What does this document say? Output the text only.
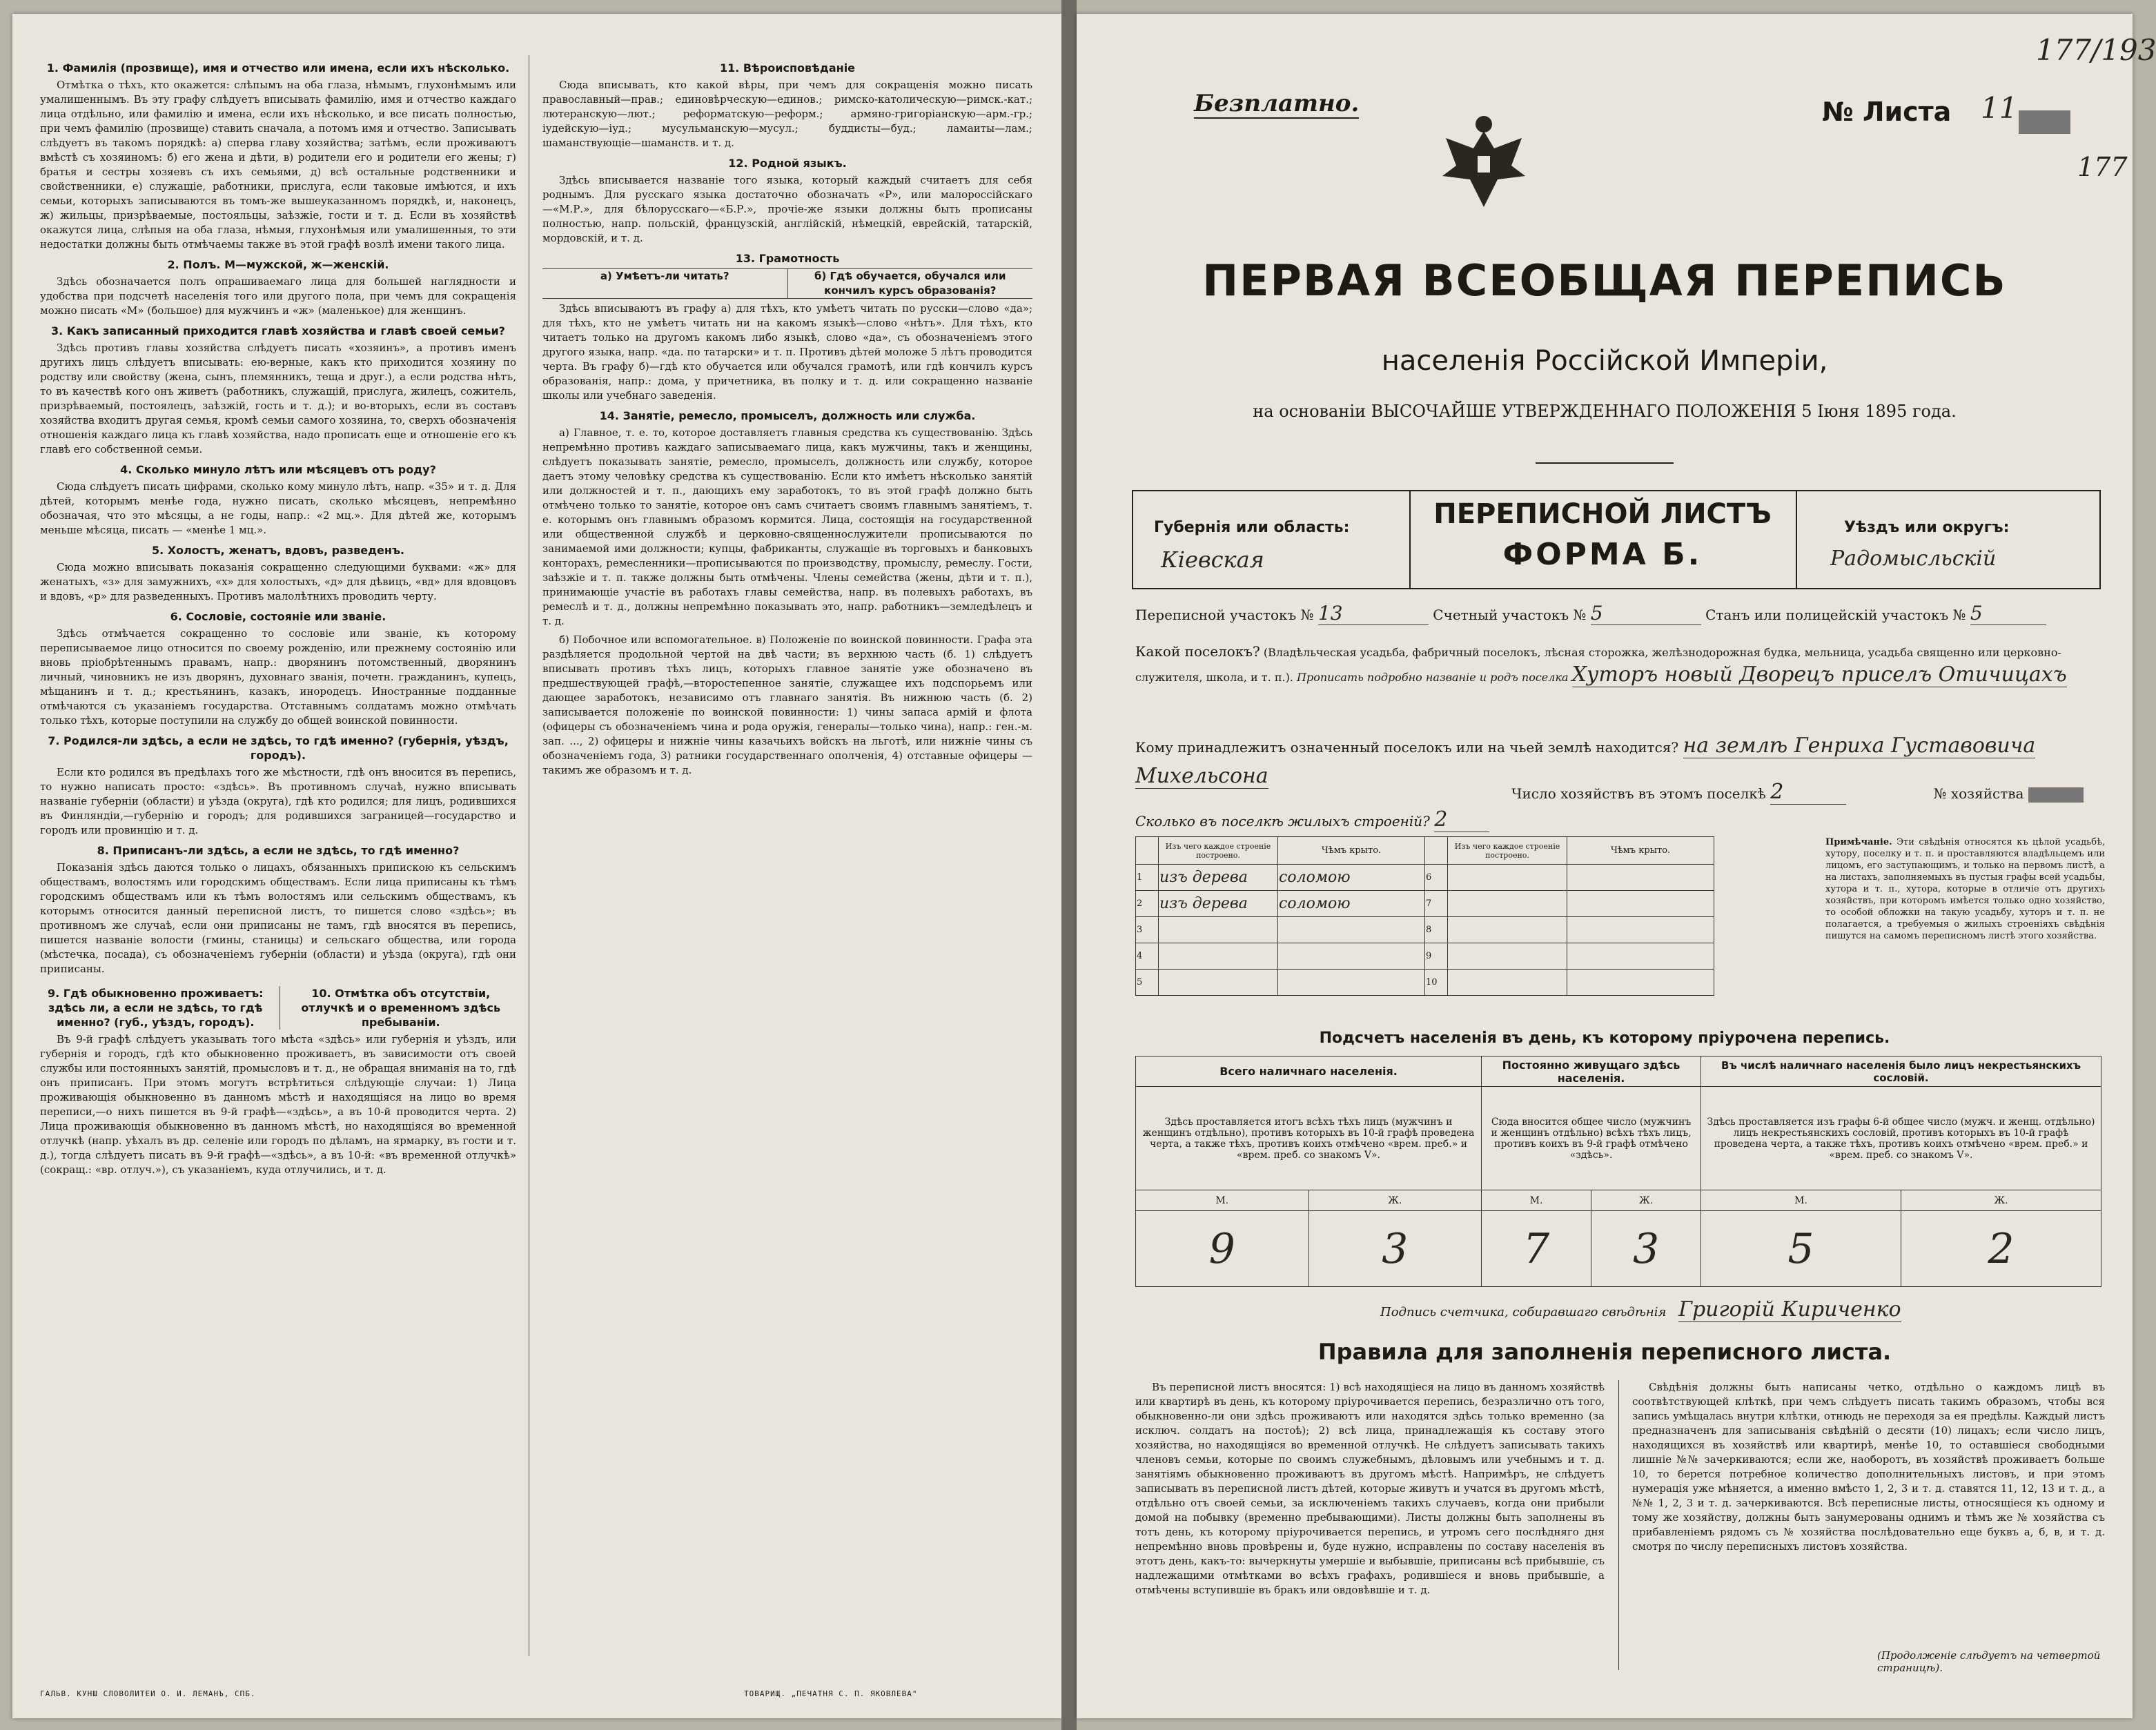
1. Фамилія (прозвище), имя и отчество или имена, если ихъ нѣсколько.

Отмѣтка о тѣхъ, кто окажется: слѣпымъ на оба глаза, нѣмымъ, глухонѣмымъ или умалишеннымъ. Въ эту графу слѣдуетъ вписывать фамилію, имя и отчество каждаго лица отдѣльно, или фамилію и имена, если ихъ нѣсколько, и все писать полностью, при чемъ фамилію (прозвище) ставить сначала, а потомъ имя и отчество. Записывать слѣдуетъ въ такомъ порядкѣ: а) сперва главу хозяйства; затѣмъ, если проживаютъ вмѣстѣ съ хозяиномъ: б) его жена и дѣти, в) родители его и родители его жены; г) братья и сестры хозяевъ съ ихъ семьями, д) всѣ остальные родственники и свойственники, е) служащіе, работники, прислуга, если таковые имѣются, и ихъ семьи, которыхъ записываются въ томъ-же вышеуказанномъ порядкѣ, и, наконецъ, ж) жильцы, призрѣваемые, постояльцы, заѣзжіе, гости и т. д. Если въ хозяйствѣ окажутся лица, слѣпыя на оба глаза, нѣмыя, глухонѣмыя или умалишенныя, то эти недостатки должны быть отмѣчаемы также въ этой графѣ возлѣ имени такого лица.

2. Полъ. М—мужской, ж—женскій.

Здѣсь обозначается полъ опрашиваемаго лица для большей наглядности и удобства при подсчетѣ населенія того или другого пола, при чемъ для сокращенія можно писать «М» (большое) для мужчинъ и «ж» (маленькое) для женщинъ.

3. Какъ записанный приходится главѣ хозяйства и главѣ своей семьи?

Здѣсь противъ главы хозяйства слѣдуетъ писать «хозяинъ», а противъ именъ другихъ лицъ слѣдуетъ вписывать: ею-верные, какъ кто приходится хозяину по родству или свойству (жена, сынъ, племянникъ, теща и друг.), а если родства нѣтъ, то въ качествѣ кого онъ живетъ (работникъ, служащій, прислуга, жилецъ, сожитель, призрѣваемый, постоялецъ, заѣзжій, гость и т. д.); и во-вторыхъ, если въ составъ хозяйства входитъ другая семья, кромѣ семьи самого хозяина, то, сверхъ обозначенія отношенія каждаго лица къ главѣ хозяйства, надо прописать еще и отношеніе его къ главѣ его собственной семьи.

4. Сколько минуло лѣтъ или мѣсяцевъ отъ роду?

Сюда слѣдуетъ писать цифрами, сколько кому минуло лѣтъ, напр. «35» и т. д. Для дѣтей, которымъ менѣе года, нужно писать, сколько мѣсяцевъ, непремѣнно обозначая, что это мѣсяцы, а не годы, напр.: «2 мц.». Для дѣтей же, которымъ меньше мѣсяца, писать — «менѣе 1 мц.».

5. Холостъ, женатъ, вдовъ, разведенъ.

Сюда можно вписывать показанія сокращенно следующими буквами: «ж» для женатыхъ, «з» для замужнихъ, «х» для холостыхъ, «д» для дѣвицъ, «вд» для вдовцовъ и вдовъ, «р» для разведенныхъ. Противъ малолѣтнихъ проводить черту.

6. Сословіе, состояніе или званіе.

Здѣсь отмѣчается сокращенно то сословіе или званіе, къ которому переписываемое лицо относится по своему рожденію, или прежнему состоянію или вновь пріобрѣтеннымъ правамъ, напр.: дворянинъ потомственный, дворянинъ личный, чиновникъ не изъ дворянъ, духовнаго званія, почетн. гражданинъ, купецъ, мѣщанинъ и т. д.; крестьянинъ, казакъ, инородецъ. Иностранные подданные отмѣчаются съ указаніемъ государства. Отставнымъ солдатамъ можно отмѣчать только тѣхъ, которые поступили на службу до общей воинской повинности.

7. Родился-ли здѣсь, а если не здѣсь, то гдѣ именно? (губернія, уѣздъ, городъ).

Если кто родился въ предѣлахъ того же мѣстности, гдѣ онъ вносится въ перепись, то нужно написать просто: «здѣсь». Въ противномъ случаѣ, нужно вписывать названіе губерніи (области) и уѣзда (округа), гдѣ кто родился; для лицъ, родившихся въ Финляндіи,—губернію и городъ; для родившихся заграницей—государство и городъ или провинцію и т. д.

8. Приписанъ-ли здѣсь, а если не здѣсь, то гдѣ именно?

Показанія здѣсь даются только о лицахъ, обязанныхъ припискою къ сельскимъ обществамъ, волостямъ или городскимъ обществамъ. Если лица приписаны къ тѣмъ городскимъ обществамъ или къ тѣмъ волостямъ или сельскимъ обществамъ, къ которымъ относится данный переписной листъ, то пишется слово «здѣсь»; въ противномъ же случаѣ, если они приписаны не тамъ, гдѣ вносятся въ перепись, пишется названіе волости (гмины, станицы) и сельскаго общества, или города (мѣстечка, посада), съ обозначеніемъ губерніи (области) и уѣзда (округа), гдѣ они приписаны.

9. Гдѣ обыкновенно проживаетъ: здѣсь ли, а если не здѣсь, то гдѣ именно? (губ., уѣздъ, городъ).
10. Отмѣтка объ отсутствіи, отлучкѣ и о временномъ здѣсь пребываніи.

Въ 9-й графѣ слѣдуетъ указывать того мѣста «здѣсь» или губернія и уѣздъ, или губернія и городъ, гдѣ кто обыкновенно проживаетъ, въ зависимости отъ своей службы или постоянныхъ занятій, промысловъ и т. д., не обращая вниманія на то, гдѣ онъ приписанъ. При этомъ могутъ встрѣтиться слѣдующіе случаи: 1) Лица проживающія обыкновенно въ данномъ мѣстѣ и находящіяся на лицо во время переписи,—о нихъ пишется въ 9-й графѣ—«здѣсь», а въ 10-й проводится черта. 2) Лица проживающія обыкновенно въ данномъ мѣстѣ, но находящіяся во временной отлучкѣ (напр. уѣхалъ въ др. селеніе или городъ по дѣламъ, на ярмарку, въ гости и т. д.), тогда слѣдуетъ писать въ 9-й графѣ—«здѣсь», а въ 10-й: «въ временной отлучкѣ» (сокращ.: «вр. отлуч.»), съ указаніемъ, куда отлучились, и т. д.

11. Вѣроисповѣданіе

Сюда вписывать, кто какой вѣры, при чемъ для сокращенія можно писать православный—прав.; единовѣрческую—единов.; римско-католическую—римск.-кат.; лютеранскую—лют.; реформатскую—реформ.; армяно-григоріанскую—арм.-гр.; іудейскую—іуд.; мусульманскую—мусул.; буддисты—буд.; ламаиты—лам.; шаманствующіе—шаманств. и т. д.

12. Родной языкъ.

Здѣсь вписывается названіе того языка, который каждый считаетъ для себя роднымъ. Для русскаго языка достаточно обозначать «Р», или малороссійскаго—«М.Р.», для бѣлорусскаго—«Б.Р.», прочіе-же языки должны быть прописаны полностью, напр. польскій, французскій, англійскій, нѣмецкій, еврейскій, татарскій, мордовскій, и т. д.

13. Грамотность
а) Умѣетъ-ли читать?	б) Гдѣ обучается, обучался или кончилъ курсъ образованія?

Здѣсь вписываютъ въ графу а) для тѣхъ, кто умѣетъ читать по русски—слово «да»; для тѣхъ, кто не умѣетъ читать ни на какомъ языкѣ—слово «нѣтъ». Для тѣхъ, кто читаетъ только на другомъ какомъ либо языкѣ, слово «да», съ обозначеніемъ этого другого языка, напр. «да. по татарски» и т. п. Противъ дѣтей моложе 5 лѣтъ проводится черта. Въ графу б)—гдѣ кто обучается или обучался грамотѣ, или гдѣ кончилъ курсъ образованія, напр.: дома, у причетника, въ полку и т. д. или сокращенно названіе школы или учебнаго заведенія.

14. Занятіе, ремесло, промыселъ, должность или служба.

а) Главное, т. е. то, которое доставляетъ главныя средства къ существованію. Здѣсь непремѣнно противъ каждаго записываемаго лица, какъ мужчины, такъ и женщины, слѣдуетъ показывать занятіе, ремесло, промыселъ, должность или службу, которое даетъ этому человѣку средства къ существованію. Если кто имѣетъ нѣсколько занятій или должностей и т. п., дающихъ ему заработокъ, то въ этой графѣ должно быть отмѣчено только то занятіе, которое онъ самъ считаетъ своимъ главнымъ занятіемъ, т. е. которымъ онъ главнымъ образомъ кормится. Лица, состоящія на государственной или общественной службѣ и церковно-священнослужители прописываются по занимаемой ими должности; купцы, фабриканты, служащіе въ торговыхъ и банковыхъ конторахъ, ремесленники—прописываются по производству, промыслу, ремеслу. Гости, заѣзжіе и т. п. также должны быть отмѣчены. Члены семейства (жены, дѣти и т. п.), принимающіе участіе въ работахъ главы семейства, напр. въ полевыхъ работахъ, въ ремеслѣ и т. д., должны непремѣнно показывать это, напр. работникъ—земледѣлецъ и т. д.

б) Побочное или вспомогательное. в) Положеніе по воинской повинности. Графа эта раздѣляется продольной чертой на двѣ части; въ верхнюю часть (б. 1) слѣдуетъ вписывать противъ тѣхъ лицъ, которыхъ главное занятіе уже обозначено въ предшествующей графѣ,—второстепенное занятіе, служащее ихъ подспорьемъ или дающее заработокъ, независимо отъ главнаго занятія. Въ нижнюю часть (б. 2) записывается положеніе по воинской повинности: 1) чины запаса армій и флота (офицеры съ обозначеніемъ чина и рода оружія, генералы—только чина), напр.: ген.-м. зап. ..., 2) офицеры и нижніе чины казачьихъ войскъ на льготѣ, или нижніе чины съ обозначеніемъ года, 3) ратники государственнаго ополченія, 4) отставные офицеры — такимъ же образомъ и т. д.

ГАЛЬВ. КУНШ СЛОВОЛИТЕИ О. И. ЛЕМАНЪ, СПБ.	ТОВАРИЩ. „ПЕЧАТНЯ С. П. ЯКОВЛЕВА"
Безплатно.	№ Листа 11
177/193
177
ПЕРВАЯ ВСЕОБЩАЯ ПЕРЕПИСЬ
населенія Россійской Имперіи,
на основаніи ВЫСОЧАЙШЕ УТВЕРЖДЕННАГО ПОЛОЖЕНІЯ 5 Іюня 1895 года.
Губернія или область:
Кіевская
ПЕРЕПИСНОЙ ЛИСТЪ
ФОРМА Б.
Уѣздъ или округъ:
Радомысльскій
Переписной участокъ № 13	Счетный участокъ № 5	Станъ или полицейскій участокъ № 5
Какой поселокъ? (Владѣльческая усадьба, фабричный поселокъ, лѣсная сторожка, желѣзнодорожная будка, мельница, усадьба священно или церковно-служителя, школа, и т. п.). Прописать подробно названіе и родъ поселка Хуторъ новый Дворецъ приселъ Отичицахъ
Кому принадлежитъ означенный поселокъ или на чьей землѣ находится? на землѣ Генриха Густавовича Михельсона
Число хозяйствъ въ этомъ поселкѣ 2	№ хозяйства
Сколько въ поселкѣ жилыхъ строеній? 2
	Изъ чего каждое строеніе построено.	Чѣмъ крыто.		Изъ чего каждое строеніе построено.	Чѣмъ крыто.
1	изъ дерева	соломою	6		
2	изъ дерева	соломою	7		
3			8		
4			9		
5			10		
Примѣчаніе. Эти свѣдѣнія относятся къ цѣлой усадьбѣ, хутору, поселку и т. п. и проставляются владѣльцемъ или лицомъ, его заступающимъ, и только на первомъ листѣ, а на листахъ, заполняемыхъ въ пустыя графы всей усадьбы, хутора и т. п., хутора, которые в отличіе отъ другихъ хозяйствъ, при которомъ имѣется только одно хозяйство, то особой обложки на такую усадьбу, хуторъ и т. п. не полагается, а требуемыя о жилыхъ строеніяхъ свѣдѣнія пишутся на самомъ переписномъ листѣ этого хозяйства.
Подсчетъ населенія въ день, къ которому пріурочена перепись.
Всего наличнаго населенія.		Постоянно живущаго здѣсь населенія.		Въ числѣ наличнаго населенія было лицъ некрестьянскихъ сословій.	
Здѣсь проставляется итогъ всѣхъ тѣхъ лицъ (мужчинъ и женщинъ отдѣльно), противъ которыхъ въ 10-й графѣ проведена черта, а также тѣхъ, противъ коихъ отмѣчено «врем. преб.» и «врем. преб. со знакомъ V».		Сюда вносится общее число (мужчинъ и женщинъ отдѣльно) всѣхъ тѣхъ лицъ, противъ коихъ въ 9-й графѣ отмѣчено «здѣсь».		Здѣсь проставляется изъ графы 6-й общее число (мужч. и женщ. отдѣльно) лицъ некрестьянскихъ сословій, противъ которыхъ въ 10-й графѣ проведена черта, а также тѣхъ, противъ коихъ отмѣчено «врем. преб.» и «врем. преб. со знакомъ V».	
М.	Ж.	М.	Ж.	М.	Ж.
9	3	7	3	5	2
Подпись счетчика, собиравшаго свѣдѣнія Григорій Кириченко
Правила для заполненія переписного листа.
Въ переписной листъ вносятся: 1) всѣ находящіеся на лицо въ данномъ хозяйствѣ или квартирѣ въ день, къ которому пріурочивается перепись, безразлично отъ того, обыкновенно-ли они здѣсь проживаютъ или находятся здѣсь только временно (за исключ. солдатъ на постоѣ); 2) всѣ лица, принадлежащія къ составу этого хозяйства, но находящіяся во временной отлучкѣ. Не слѣдуетъ записывать такихъ членовъ семьи, которые по своимъ служебнымъ, дѣловымъ или учебнымъ и т. д. занятіямъ обыкновенно проживаютъ въ другомъ мѣстѣ. Напримѣръ, не слѣдуетъ записывать въ переписной листъ дѣтей, которые живутъ и учатся въ другомъ мѣстѣ, отдѣльно отъ своей семьи, за исключеніемъ такихъ случаевъ, когда они прибыли домой на побывку (временно пребывающими). Листы должны быть заполнены въ тотъ день, къ которому пріурочивается перепись, и утромъ сего послѣдняго дня непремѣнно вновь провѣрены и, буде нужно, исправлены по составу населенія въ этотъ день, какъ-то: вычеркнуты умершіе и выбывшіе, приписаны всѣ прибывшіе, съ надлежащими отмѣтками во всѣхъ графахъ, родившіеся и вновь прибывшіе, а отмѣчены вступившіе въ бракъ или овдовѣвшіе и т. д.
Свѣдѣнія должны быть написаны четко, отдѣльно о каждомъ лицѣ въ соотвѣтствующей клѣткѣ, при чемъ слѣдуетъ писать такимъ образомъ, чтобы вся запись умѣщалась внутри клѣтки, отнюдь не переходя за ея предѣлы. Каждый листъ предназначенъ для записыванія свѣдѣній о десяти (10) лицахъ; если число лицъ, находящихся въ хозяйствѣ или квартирѣ, менѣе 10, то оставшіеся свободными лишніе №№ зачеркиваются; если же, наоборотъ, въ хозяйствѣ проживаетъ больше 10, то берется потребное количество дополнительныхъ листовъ, и при этомъ нумерація уже мѣняется, а именно вмѣсто 1, 2, 3 и т. д. ставятся 11, 12, 13 и т. д., а №№ 1, 2, 3 и т. д. зачеркиваются. Всѣ переписные листы, относящіеся къ одному и тому же хозяйству, должны быть занумерованы однимъ и тѣмъ же № хозяйства съ прибавленіемъ рядомъ съ № хозяйства послѣдовательно еще буквъ а, б, в, и т. д. смотря по числу переписныхъ листовъ хозяйства.
(Продолженіе слѣдуетъ на четвертой страницѣ).
